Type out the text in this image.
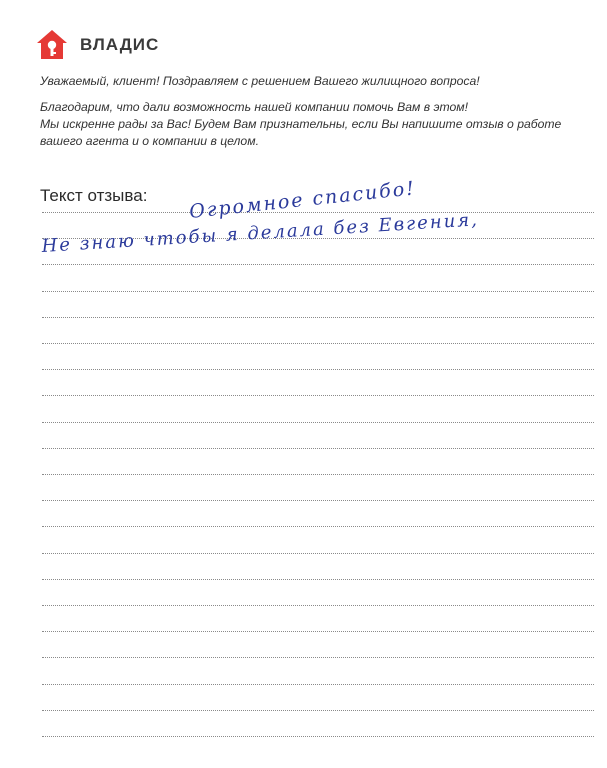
ВЛАДИС

Уважаемый, клиент! Поздравляем с решением Вашего жилищного вопроса!

Благодарим, что дали возможность нашей компании помочь Вам в этом!

Мы искренне рады за Вас! Будем Вам признательны, если Вы напишите отзыв о работе

вашего агента и о компании в целом.

Текст отзыва: Огромное спасибо!
Не знаю чтобы я делала без Евгения,
